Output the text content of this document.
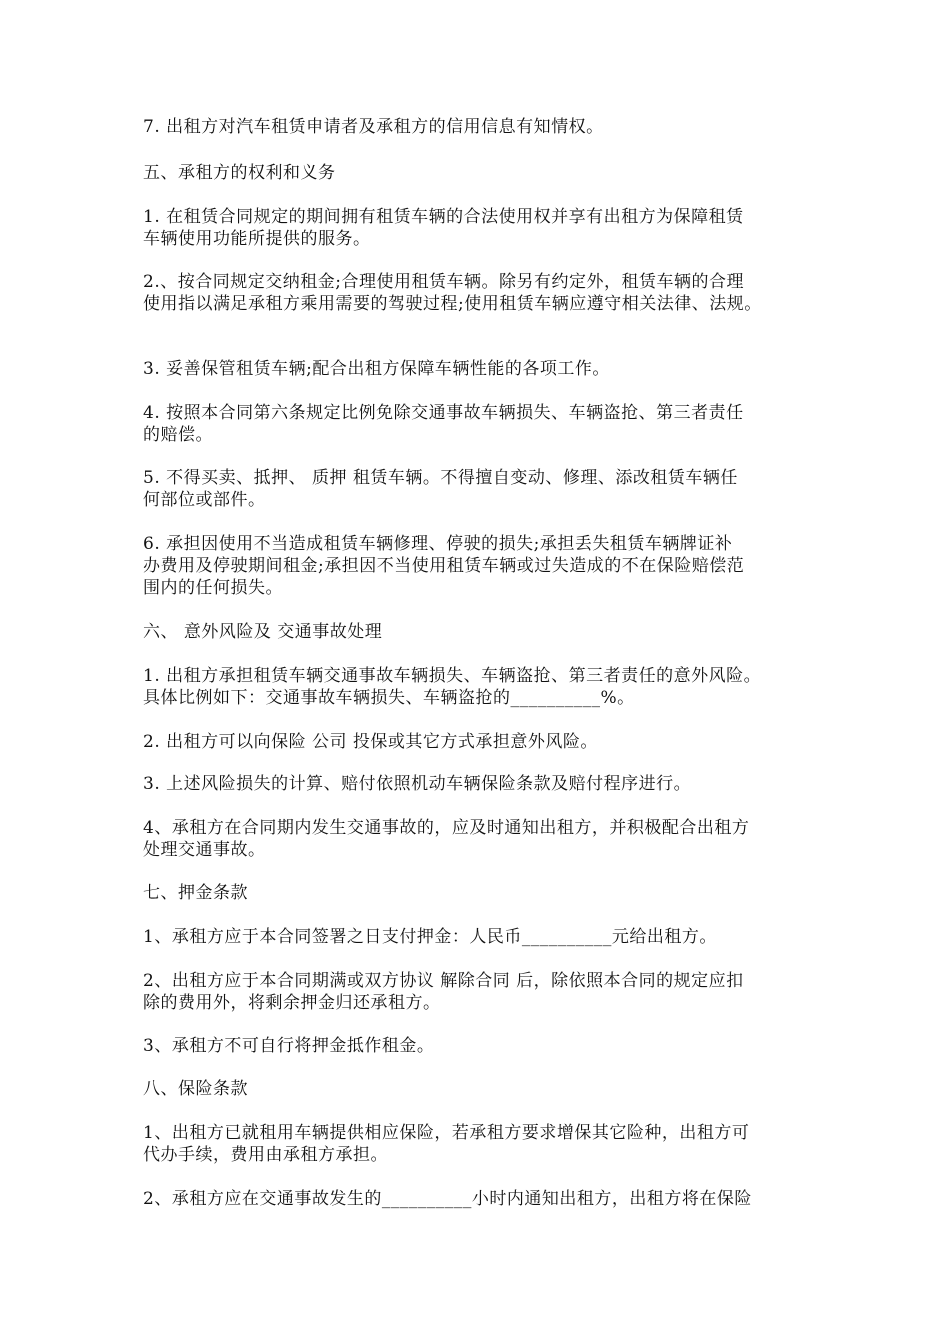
7. 出租方对汽车租赁申请者及承租方的信用信息有知情权。

五、承租方的权利和义务

1. 在租赁合同规定的期间拥有租赁车辆的合法使用权并享有出租方为保障租赁
车辆使用功能所提供的服务。

2.、按合同规定交纳租金;合理使用租赁车辆。除另有约定外，租赁车辆的合理
使用指以满足承租方乘用需要的驾驶过程;使用租赁车辆应遵守相关法律、法规。

3. 妥善保管租赁车辆;配合出租方保障车辆性能的各项工作。

4. 按照本合同第六条规定比例免除交通事故车辆损失、车辆盗抢、第三者责任
的赔偿。

5. 不得买卖、抵押、 质押 租赁车辆。不得擅自变动、修理、添改租赁车辆任
何部位或部件。

6. 承担因使用不当造成租赁车辆修理、停驶的损失;承担丢失租赁车辆牌证补
办费用及停驶期间租金;承担因不当使用租赁车辆或过失造成的不在保险赔偿范
围内的任何损失。

六、 意外风险及 交通事故处理

1. 出租方承担租赁车辆交通事故车辆损失、车辆盗抢、第三者责任的意外风险。
具体比例如下：交通事故车辆损失、车辆盗抢的__________%。

2. 出租方可以向保险 公司 投保或其它方式承担意外风险。

3. 上述风险损失的计算、赔付依照机动车辆保险条款及赔付程序进行。

4、承租方在合同期内发生交通事故的，应及时通知出租方，并积极配合出租方
处理交通事故。

七、押金条款

1、承租方应于本合同签署之日支付押金：人民币__________元给出租方。

2、出租方应于本合同期满或双方协议 解除合同 后，除依照本合同的规定应扣
除的费用外，将剩余押金归还承租方。

3、承租方不可自行将押金抵作租金。

八、保险条款

1、出租方已就租用车辆提供相应保险，若承租方要求增保其它险种，出租方可
代办手续，费用由承租方承担。

2、承租方应在交通事故发生的__________小时内通知出租方，出租方将在保险
